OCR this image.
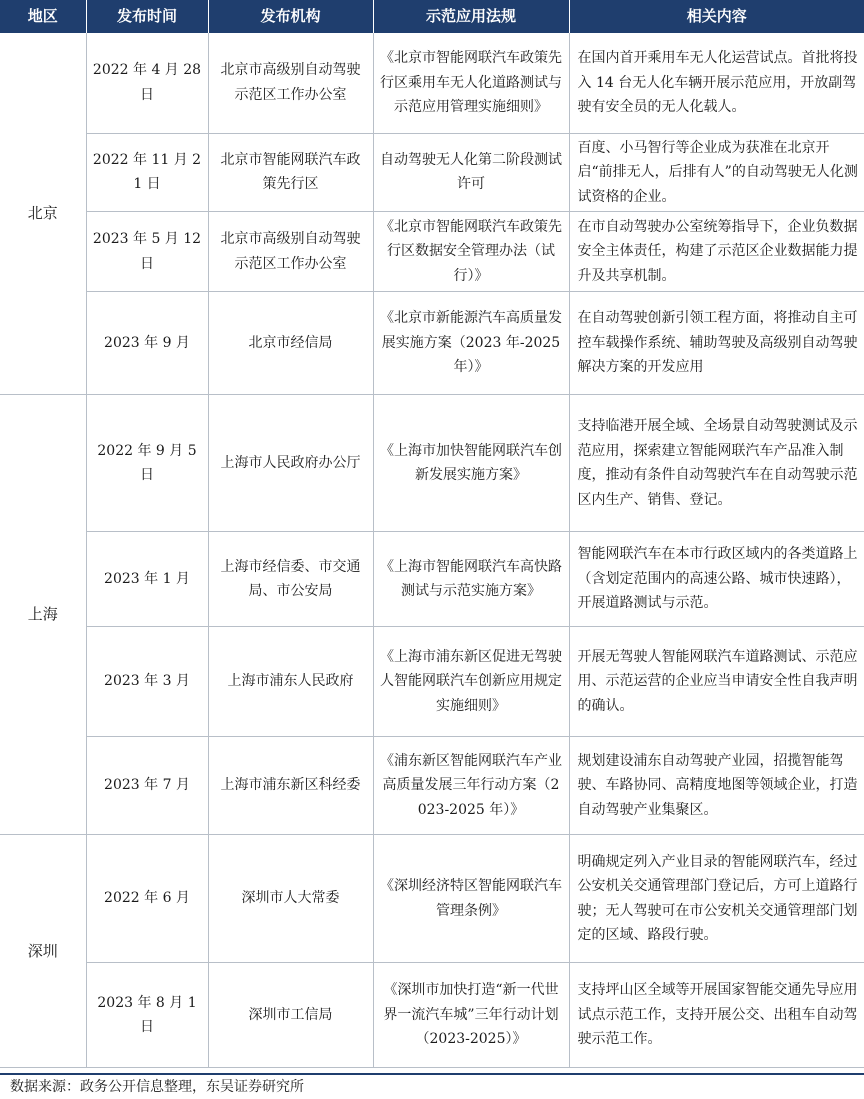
地区	发布时间	发布机构	示范应用法规	相关内容
北京	2022 年 4 月 28 日	北京市高级别自动驾驶示范区工作办公室	《北京市智能网联汽车政策先行区乘用车无人化道路测试与示范应用管理实施细则》	在国内首开乘用车无人化运营试点。首批将投入 14 台无人化车辆开展示范应用，开放副驾驶有安全员的无人化载人。
	2022 年 11 月 21 日	北京市智能网联汽车政策先行区	自动驾驶无人化第二阶段测试许可	百度、小马智行等企业成为获准在北京开启“前排无人，后排有人”的自动驾驶无人化测试资格的企业。
	2023 年 5 月 12 日	北京市高级别自动驾驶示范区工作办公室	《北京市智能网联汽车政策先行区数据安全管理办法（试行）》	在市自动驾驶办公室统筹指导下，企业负数据安全主体责任，构建了示范区企业数据能力提升及共享机制。
	2023 年 9 月	北京市经信局	《北京市新能源汽车高质量发展实施方案（2023 年-2025 年）》	在自动驾驶创新引领工程方面，将推动自主可控车载操作系统、辅助驾驶及高级别自动驾驶解决方案的开发应用
上海	2022 年 9 月 5 日	上海市人民政府办公厅	《上海市加快智能网联汽车创新发展实施方案》	支持临港开展全域、全场景自动驾驶测试及示 范应用，探索建立智能网联汽车产品准入制度，推动有条件自动驾驶汽车在自动驾驶示范区内生产、销售、登记。
	2023 年 1 月	上海市经信委、市交通局、市公安局	《上海市智能网联汽车高快路测试与示范实施方案》	智能网联汽车在本市行政区域内的各类道路上（含划定范围内的高速公路、城市快速路），开展道路测试与示范。
	2023 年 3 月	上海市浦东人民政府	《上海市浦东新区促进无驾驶人智能网联汽车创新应用规定实施细则》	开展无驾驶人智能网联汽车道路测试、示范应用、示范运营的企业应当申请安全性自我声明的确认。
	2023 年 7 月	上海市浦东新区科经委	《浦东新区智能网联汽车产业高质量发展三年行动方案（2023-2025 年）》	规划建设浦东自动驾驶产业园，招揽智能驾驶、车路协同、高精度地图等领域企业，打造自动驾驶产业集聚区。
深圳	2022 年 6 月	深圳市人大常委	《深圳经济特区智能网联汽车管理条例》	明确规定列入产业目录的智能网联汽车，经过公安机关交通管理部门登记后，方可上道路行驶；无人驾驶可在市公安机关交通管理部门划定的区域、路段行驶。
	2023 年 8 月 1 日	深圳市工信局	《深圳市加快打造“新一代世界一流汽车城”三年行动计划（2023-2025）》	支持坪山区全域等开展国家智能交通先导应用试点示范工作，支持开展公交、出租车自动驾驶示范工作。
数据来源：政务公开信息整理，东吴证券研究所
